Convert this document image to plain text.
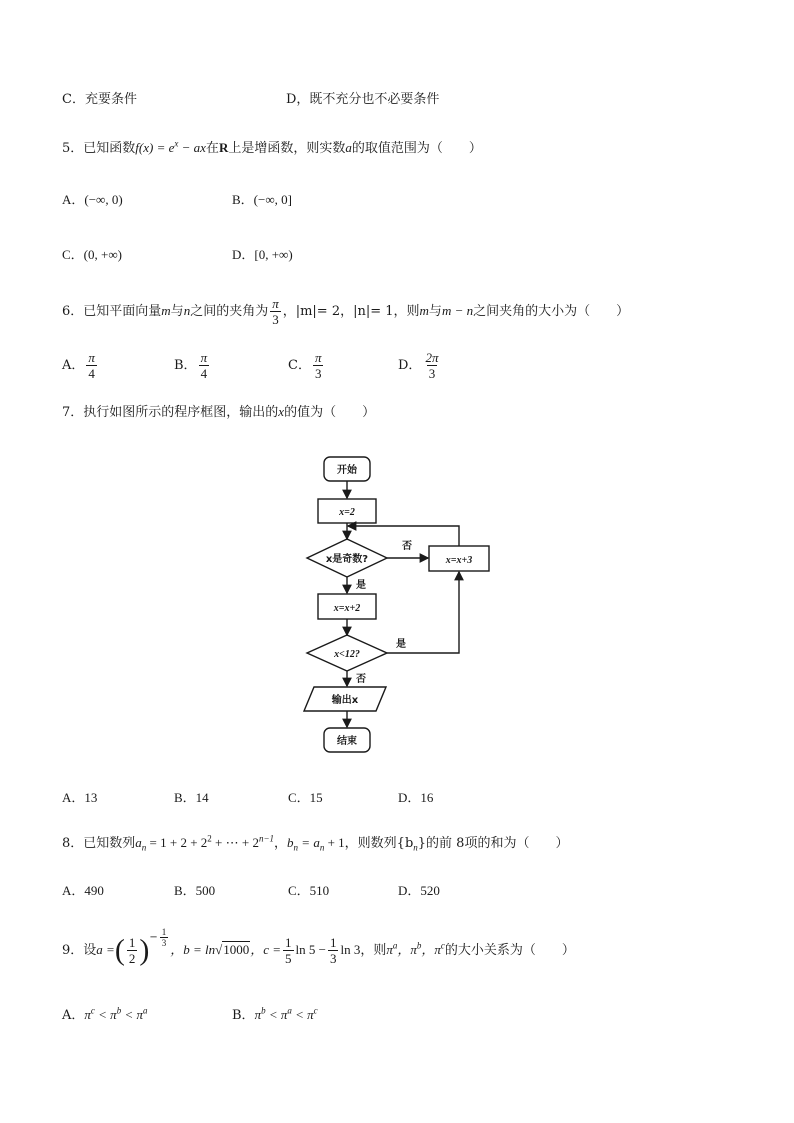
C．充要条件	D，既不充分也不必要条件
5．已知函数$f(x) = e^x$ − ax在R上是增函数，则实数a的取值范围为（　　）
A．(−∞, 0)	B．(−∞, 0]
C．(0, +∞)	D．[0, +∞)
6．已知平面向量m与n之间的夹角为 $\frac{\pi}{3}$ ，|m|= 2，|n|= 1，则m与m − n之间夹角的大小为（　　）
A． $\frac{\pi}{4}$	B． $\frac{\pi}{4}$	C． $\frac{\pi}{3}$	D． $\frac{2\pi}{3}$
7．执行如图所示的程序框图，输出的x的值为（　　）
开始
x=2
x是奇数?
否
x=x+3
是
x=x+2
x<12?
是
否
输出x
结束
A．13	B．14	C．15	D．16
8．已知数列$a_n = 1 + 2 + 2^2$ + ⋯ + $2^{n-1}$，$b_n = a_n + 1$，则数列$\{b_n\}$的前 8项的和为（　　）
A．490	B．500	C．510	D．520
9．设a =( $\frac{1}{2} )^{- \frac{1}{3}}$
，b = ln√1000，$c = \frac{1}{5}$ $\ln 5 - \frac{1}{3}$ ln 3，则$\pi^a$，$\pi^b$，$\pi^c$的大小关系为（　　）
A．$\pi^c < \pi^b < \pi^a$	B．$\pi^b < \pi^a < \pi^c$
